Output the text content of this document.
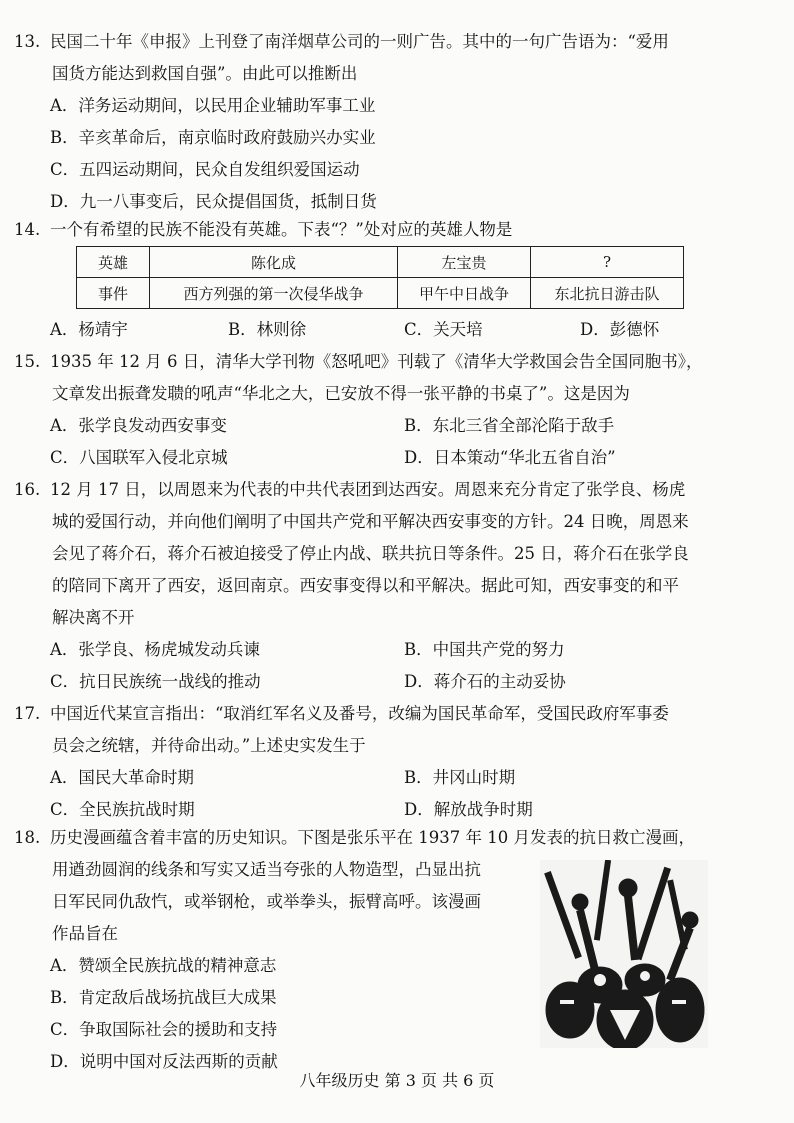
13. 民国二十年《申报》上刊登了南洋烟草公司的一则广告。其中的一句广告语为：“爱用
国货方能达到救国自强”。由此可以推断出
A．洋务运动期间，以民用企业辅助军事工业
B．辛亥革命后，南京临时政府鼓励兴办实业
C．五四运动期间，民众自发组织爱国运动
D．九一八事变后，民众提倡国货，抵制日货
14. 一个有希望的民族不能没有英雄。下表“？”处对应的英雄人物是
英雄	陈化成	左宝贵	?
事件	西方列强的第一次侵华战争	甲午中日战争	东北抗日游击队
A．杨靖宇	B．林则徐	C．关天培	D．彭德怀
15. 1935 年 12 月 6 日，清华大学刊物《怒吼吧》刊载了《清华大学救国会告全国同胞书》，
文章发出振聋发聩的吼声“华北之大，已安放不得一张平静的书桌了”。这是因为
A．张学良发动西安事变	B．东北三省全部沦陷于敌手
C．八国联军入侵北京城	D．日本策动“华北五省自治”
16. 12 月 17 日，以周恩来为代表的中共代表团到达西安。周恩来充分肯定了张学良、杨虎
城的爱国行动，并向他们阐明了中国共产党和平解决西安事变的方针。24 日晚，周恩来
会见了蒋介石，蒋介石被迫接受了停止内战、联共抗日等条件。25 日，蒋介石在张学良
的陪同下离开了西安，返回南京。西安事变得以和平解决。据此可知，西安事变的和平
解决离不开
A．张学良、杨虎城发动兵谏	B．中国共产党的努力
C．抗日民族统一战线的推动	D．蒋介石的主动妥协
17. 中国近代某宣言指出：“取消红军名义及番号，改编为国民革命军，受国民政府军事委
员会之统辖，并待命出动。”上述史实发生于
A．国民大革命时期	B．井冈山时期
C．全民族抗战时期	D．解放战争时期
18. 历史漫画蕴含着丰富的历史知识。下图是张乐平在 1937 年 10 月发表的抗日救亡漫画，
用遒劲圆润的线条和写实又适当夸张的人物造型，凸显出抗
日军民同仇敌忾，或举钢枪，或举拳头，振臂高呼。该漫画
作品旨在
A．赞颂全民族抗战的精神意志
B．肯定敌后战场抗战巨大成果
C．争取国际社会的援助和支持
D．说明中国对反法西斯的贡献
八年级历史 第 3 页 共 6 页
